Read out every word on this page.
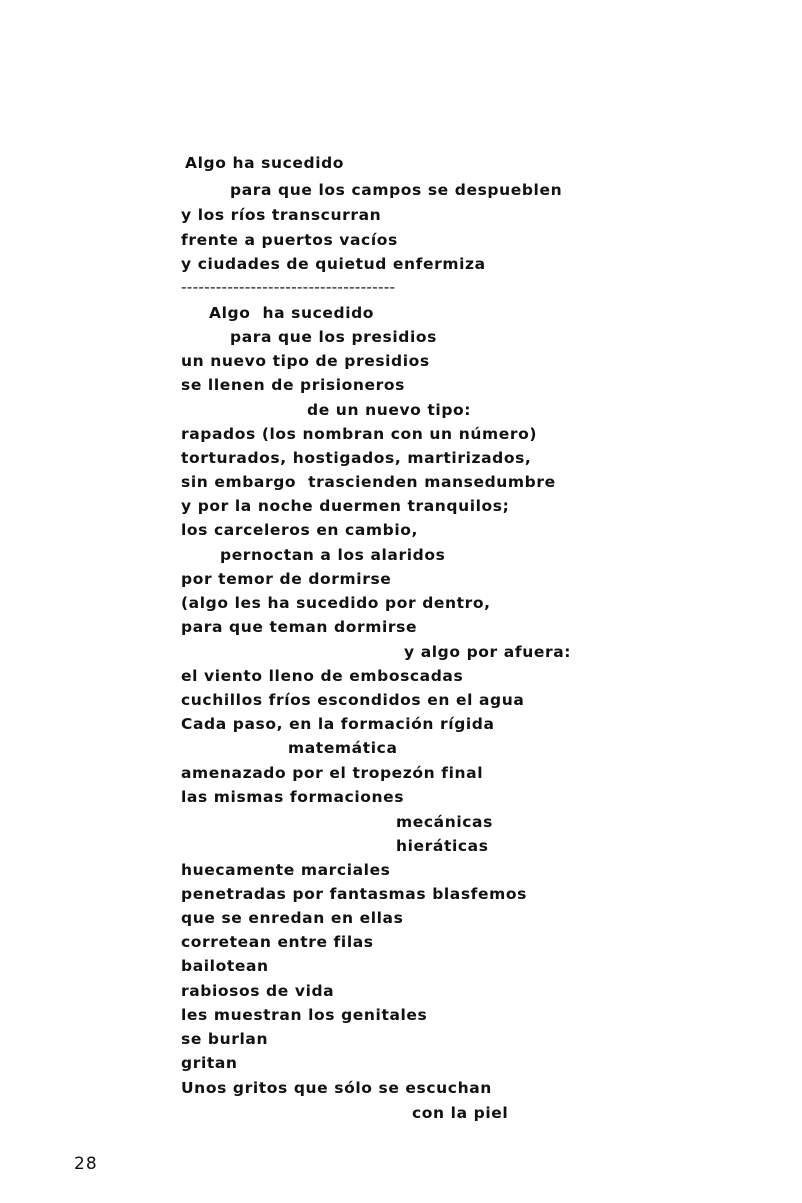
Algo ha sucedido
para que los campos se despueblen
y los ríos transcurran
frente a puertos vacíos
y ciudades de quietud enfermiza
-------------------------------------
Algo  ha sucedido
para que los presidios
un nuevo tipo de presidios
se llenen de prisioneros
de un nuevo tipo:
rapados (los nombran con un número)
torturados, hostigados, martirizados,
sin embargo  trascienden mansedumbre
y por la noche duermen tranquilos;
los carceleros en cambio,
pernoctan a los alaridos
por temor de dormirse
(algo les ha sucedido por dentro,
para que teman dormirse
y algo por afuera:
el viento lleno de emboscadas
cuchillos fríos escondidos en el agua
Cada paso, en la formación rígida
matemática
amenazado por el tropezón final
las mismas formaciones
mecánicas
hieráticas
huecamente marciales
penetradas por fantasmas blasfemos
que se enredan en ellas
corretean entre filas
bailotean
rabiosos de vida
les muestran los genitales
se burlan
gritan
Unos gritos que sólo se escuchan
con la piel
28
